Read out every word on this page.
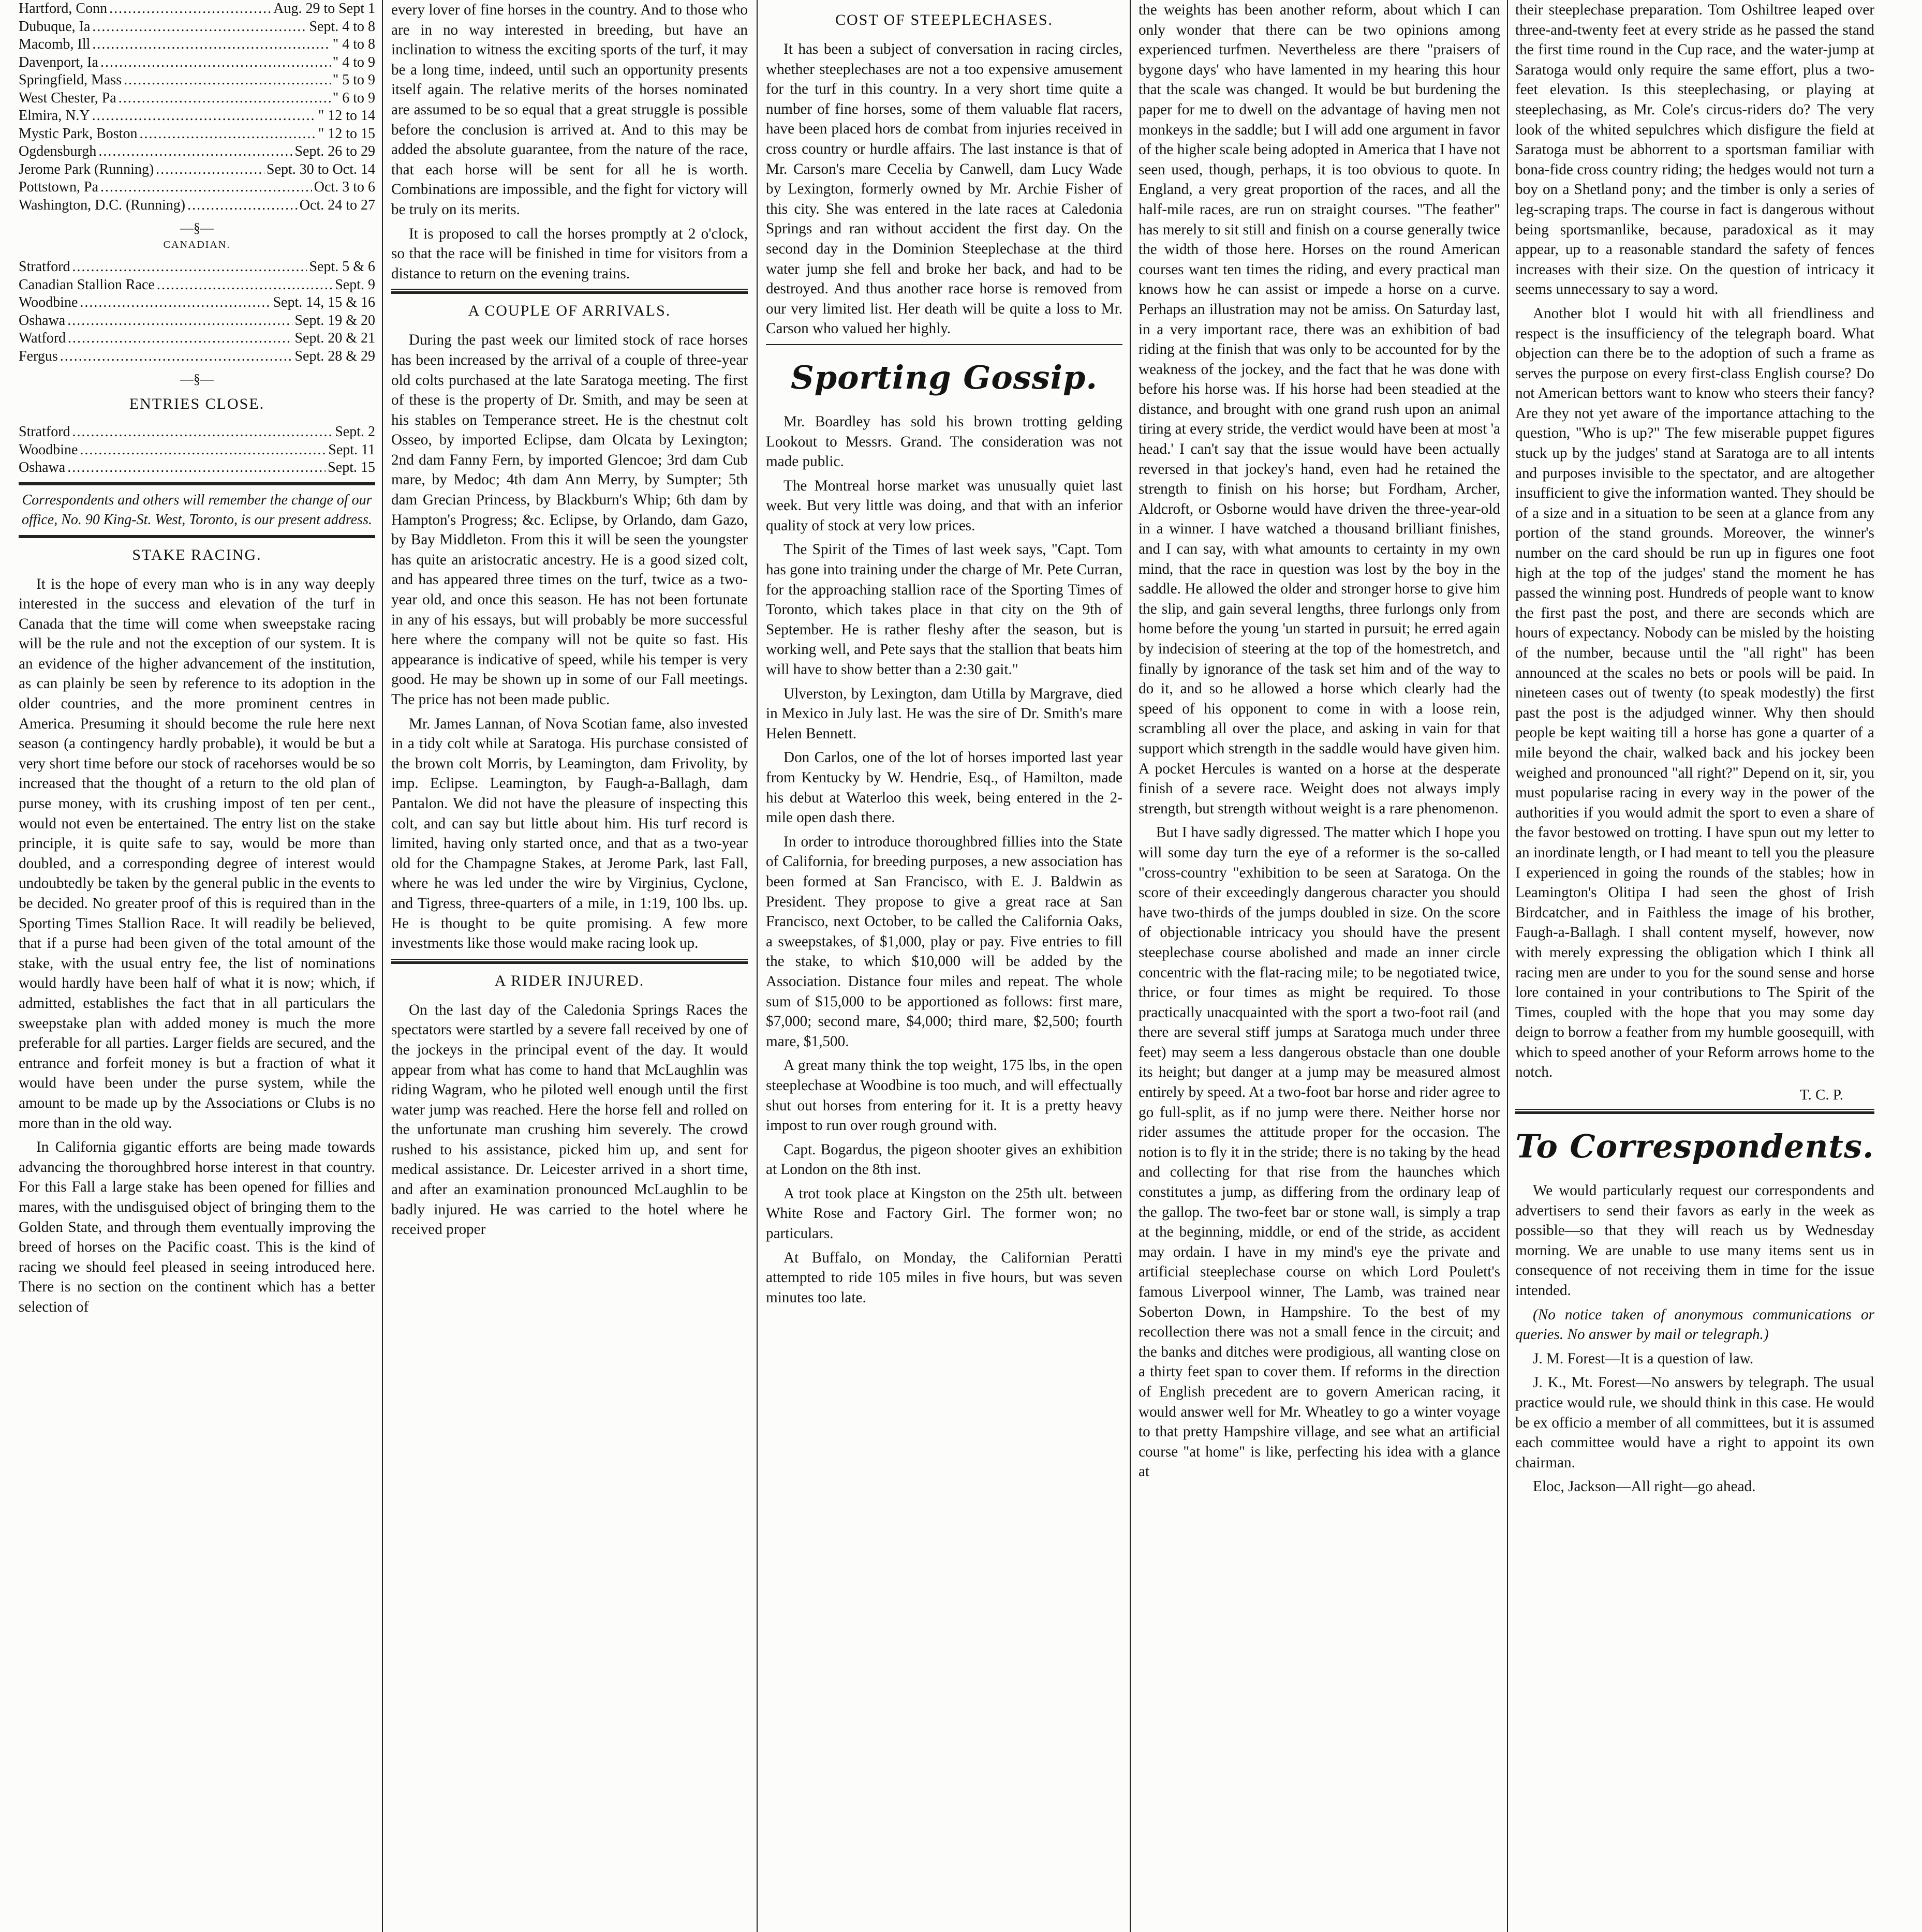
Hartford, Conn .....	Aug. 29 to Sept 1
Dubuque, Ia .....	Sept. 4 to 8
Macomb, Ill .....	" 4 to 8
Davenport, Ia .....	" 4 to 9
Springfield, Mass .....	" 5 to 9
West Chester, Pa .....	" 6 to 9
Elmira, N.Y .....	" 12 to 14
Mystic Park, Boston .....	" 12 to 15
Ogdensburgh .....	Sept. 26 to 29
Jerome Park (Running) .....	Sept. 30 to Oct. 14
Pottstown, Pa .....	Oct. 3 to 6
Washington, D.C. (Running) .....	Oct. 24 to 27
—§—
CANADIAN.
Stratford .....	Sept. 5 & 6
Canadian Stallion Race .....	Sept. 9
Woodbine .....	Sept. 14, 15 & 16
Oshawa .....	Sept. 19 & 20
Watford .....	Sept. 20 & 21
Fergus .....	Sept. 28 & 29
—§—
ENTRIES CLOSE.
Stratford .....	Sept. 2
Woodbine .....	Sept. 11
Oshawa .....	Sept. 15
Correspondents and others will remember the change of our office, No. 90 King-St. West, Toronto, is our present address.
STAKE RACING.

It is the hope of every man who is in any way deeply interested in the success and elevation of the turf in Canada that the time will come when sweepstake racing will be the rule and not the exception of our system. It is an evidence of the higher advancement of the institution, as can plainly be seen by reference to its adoption in the older countries, and the more prominent centres in America. Presuming it should become the rule here next season (a contingency hardly probable), it would be but a very short time before our stock of racehorses would be so increased that the thought of a return to the old plan of purse money, with its crushing impost of ten per cent., would not even be entertained. The entry list on the stake principle, it is quite safe to say, would be more than doubled, and a corresponding degree of interest would undoubtedly be taken by the general public in the events to be decided. No greater proof of this is required than in the Sporting Times Stallion Race. It will readily be believed, that if a purse had been given of the total amount of the stake, with the usual entry fee, the list of nominations would hardly have been half of what it is now; which, if admitted, establishes the fact that in all particulars the sweepstake plan with added money is much the more preferable for all parties. Larger fields are secured, and the entrance and forfeit money is but a fraction of what it would have been under the purse system, while the amount to be made up by the Associations or Clubs is no more than in the old way.

In California gigantic efforts are being made towards advancing the thoroughbred horse interest in that country. For this Fall a large stake has been opened for fillies and mares, with the undisguised object of bringing them to the Golden State, and through them eventually improving the breed of horses on the Pacific coast. This is the kind of racing we should feel pleased in seeing introduced here. There is no section on the continent which has a better selection of

every lover of fine horses in the country. And to those who are in no way interested in breeding, but have an inclination to witness the exciting sports of the turf, it may be a long time, indeed, until such an opportunity presents itself again. The relative merits of the horses nominated are assumed to be so equal that a great struggle is possible before the conclusion is arrived at. And to this may be added the absolute guarantee, from the nature of the race, that each horse will be sent for all he is worth. Combinations are impossible, and the fight for victory will be truly on its merits.

It is proposed to call the horses promptly at 2 o'clock, so that the race will be finished in time for visitors from a distance to return on the evening trains.

A COUPLE OF ARRIVALS.

During the past week our limited stock of race horses has been increased by the arrival of a couple of three-year old colts purchased at the late Saratoga meeting. The first of these is the property of Dr. Smith, and may be seen at his stables on Temperance street. He is the chestnut colt Osseo, by imported Eclipse, dam Olcata by Lexington; 2nd dam Fanny Fern, by imported Glencoe; 3rd dam Cub mare, by Medoc; 4th dam Ann Merry, by Sumpter; 5th dam Grecian Princess, by Blackburn's Whip; 6th dam by Hampton's Progress; &c. Eclipse, by Orlando, dam Gazo, by Bay Middleton. From this it will be seen the youngster has quite an aristocratic ancestry. He is a good sized colt, and has appeared three times on the turf, twice as a two-year old, and once this season. He has not been fortunate in any of his essays, but will probably be more successful here where the company will not be quite so fast. His appearance is indicative of speed, while his temper is very good. He may be shown up in some of our Fall meetings. The price has not been made public.

Mr. James Lannan, of Nova Scotian fame, also invested in a tidy colt while at Saratoga. His purchase consisted of the brown colt Morris, by Leamington, dam Frivolity, by imp. Eclipse. Leamington, by Faugh-a-Ballagh, dam Pantalon. We did not have the pleasure of inspecting this colt, and can say but little about him. His turf record is limited, having only started once, and that as a two-year old for the Champagne Stakes, at Jerome Park, last Fall, where he was led under the wire by Virginius, Cyclone, and Tigress, three-quarters of a mile, in 1:19, 100 lbs. up. He is thought to be quite promising. A few more investments like those would make racing look up.

A RIDER INJURED.

On the last day of the Caledonia Springs Races the spectators were startled by a severe fall received by one of the jockeys in the principal event of the day. It would appear from what has come to hand that McLaughlin was riding Wagram, who he piloted well enough until the first water jump was reached. Here the horse fell and rolled on the unfortunate man crushing him severely. The crowd rushed to his assistance, picked him up, and sent for medical assistance. Dr. Leicester arrived in a short time, and after an examination pronounced McLaughlin to be badly injured. He was carried to the hotel where he received proper

COST OF STEEPLECHASES.

It has been a subject of conversation in racing circles, whether steeplechases are not a too expensive amusement for the turf in this country. In a very short time quite a number of fine horses, some of them valuable flat racers, have been placed hors de combat from injuries received in cross country or hurdle affairs. The last instance is that of Mr. Carson's mare Cecelia by Canwell, dam Lucy Wade by Lexington, formerly owned by Mr. Archie Fisher of this city. She was entered in the late races at Caledonia Springs and ran without accident the first day. On the second day in the Dominion Steeplechase at the third water jump she fell and broke her back, and had to be destroyed. And thus another race horse is removed from our very limited list. Her death will be quite a loss to Mr. Carson who valued her highly.

Sporting Gossip.

Mr. Boardley has sold his brown trotting gelding Lookout to Messrs. Grand. The consideration was not made public.

The Montreal horse market was unusually quiet last week. But very little was doing, and that with an inferior quality of stock at very low prices.

The Spirit of the Times of last week says, "Capt. Tom has gone into training under the charge of Mr. Pete Curran, for the approaching stallion race of the Sporting Times of Toronto, which takes place in that city on the 9th of September. He is rather fleshy after the season, but is working well, and Pete says that the stallion that beats him will have to show better than a 2:30 gait."

Ulverston, by Lexington, dam Utilla by Margrave, died in Mexico in July last. He was the sire of Dr. Smith's mare Helen Bennett.

Don Carlos, one of the lot of horses imported last year from Kentucky by W. Hendrie, Esq., of Hamilton, made his debut at Waterloo this week, being entered in the 2-mile open dash there.

In order to introduce thoroughbred fillies into the State of California, for breeding purposes, a new association has been formed at San Francisco, with E. J. Baldwin as President. They propose to give a great race at San Francisco, next October, to be called the California Oaks, a sweepstakes, of $1,000, play or pay. Five entries to fill the stake, to which $10,000 will be added by the Association. Distance four miles and repeat. The whole sum of $15,000 to be apportioned as follows: first mare, $7,000; second mare, $4,000; third mare, $2,500; fourth mare, $1,500.

A great many think the top weight, 175 lbs, in the open steeplechase at Woodbine is too much, and will effectually shut out horses from entering for it. It is a pretty heavy impost to run over rough ground with.

Capt. Bogardus, the pigeon shooter gives an exhibition at London on the 8th inst.

A trot took place at Kingston on the 25th ult. between White Rose and Factory Girl. The former won; no particulars.

At Buffalo, on Monday, the Californian Peratti attempted to ride 105 miles in five hours, but was seven minutes too late.

the weights has been another reform, about which I can only wonder that there can be two opinions among experienced turfmen. Nevertheless are there "praisers of bygone days' who have lamented in my hearing this hour that the scale was changed. It would be but burdening the paper for me to dwell on the advantage of having men not monkeys in the saddle; but I will add one argument in favor of the higher scale being adopted in America that I have not seen used, though, perhaps, it is too obvious to quote. In England, a very great proportion of the races, and all the half-mile races, are run on straight courses. "The feather" has merely to sit still and finish on a course generally twice the width of those here. Horses on the round American courses want ten times the riding, and every practical man knows how he can assist or impede a horse on a curve. Perhaps an illustration may not be amiss. On Saturday last, in a very important race, there was an exhibition of bad riding at the finish that was only to be accounted for by the weakness of the jockey, and the fact that he was done with before his horse was. If his horse had been steadied at the distance, and brought with one grand rush upon an animal tiring at every stride, the verdict would have been at most 'a head.' I can't say that the issue would have been actually reversed in that jockey's hand, even had he retained the strength to finish on his horse; but Fordham, Archer, Aldcroft, or Osborne would have driven the three-year-old in a winner. I have watched a thousand brilliant finishes, and I can say, with what amounts to certainty in my own mind, that the race in question was lost by the boy in the saddle. He allowed the older and stronger horse to give him the slip, and gain several lengths, three furlongs only from home before the young 'un started in pursuit; he erred again by indecision of steering at the top of the homestretch, and finally by ignorance of the task set him and of the way to do it, and so he allowed a horse which clearly had the speed of his opponent to come in with a loose rein, scrambling all over the place, and asking in vain for that support which strength in the saddle would have given him. A pocket Hercules is wanted on a horse at the desperate finish of a severe race. Weight does not always imply strength, but strength without weight is a rare phenomenon.

But I have sadly digressed. The matter which I hope you will some day turn the eye of a reformer is the so-called "cross-country "exhibition to be seen at Saratoga. On the score of their exceedingly dangerous character you should have two-thirds of the jumps doubled in size. On the score of objectionable intricacy you should have the present steeplechase course abolished and made an inner circle concentric with the flat-racing mile; to be negotiated twice, thrice, or four times as might be required. To those practically unacquainted with the sport a two-foot rail (and there are several stiff jumps at Saratoga much under three feet) may seem a less dangerous obstacle than one double its height; but danger at a jump may be measured almost entirely by speed. At a two-foot bar horse and rider agree to go full-split, as if no jump were there. Neither horse nor rider assumes the attitude proper for the occasion. The notion is to fly it in the stride; there is no taking by the head and collecting for that rise from the haunches which constitutes a jump, as differing from the ordinary leap of the gallop. The two-feet bar or stone wall, is simply a trap at the beginning, middle, or end of the stride, as accident may ordain. I have in my mind's eye the private and artificial steeplechase course on which Lord Poulett's famous Liverpool winner, The Lamb, was trained near Soberton Down, in Hampshire. To the best of my recollection there was not a small fence in the circuit; and the banks and ditches were prodigious, all wanting close on a thirty feet span to cover them. If reforms in the direction of English precedent are to govern American racing, it would answer well for Mr. Wheatley to go a winter voyage to that pretty Hampshire village, and see what an artificial course "at home" is like, perfecting his idea with a glance at

their steeplechase preparation. Tom Oshiltree leaped over three-and-twenty feet at every stride as he passed the stand the first time round in the Cup race, and the water-jump at Saratoga would only require the same effort, plus a two-feet elevation. Is this steeplechasing, or playing at steeplechasing, as Mr. Cole's circus-riders do? The very look of the whited sepulchres which disfigure the field at Saratoga must be abhorrent to a sportsman familiar with bona-fide cross country riding; the hedges would not turn a boy on a Shetland pony; and the timber is only a series of leg-scraping traps. The course in fact is dangerous without being sportsmanlike, because, paradoxical as it may appear, up to a reasonable standard the safety of fences increases with their size. On the question of intricacy it seems unnecessary to say a word.

Another blot I would hit with all friendliness and respect is the insufficiency of the telegraph board. What objection can there be to the adoption of such a frame as serves the purpose on every first-class English course? Do not American bettors want to know who steers their fancy? Are they not yet aware of the importance attaching to the question, "Who is up?" The few miserable puppet figures stuck up by the judges' stand at Saratoga are to all intents and purposes invisible to the spectator, and are altogether insufficient to give the information wanted. They should be of a size and in a situation to be seen at a glance from any portion of the stand grounds. Moreover, the winner's number on the card should be run up in figures one foot high at the top of the judges' stand the moment he has passed the winning post. Hundreds of people want to know the first past the post, and there are seconds which are hours of expectancy. Nobody can be misled by the hoisting of the number, because until the "all right" has been announced at the scales no bets or pools will be paid. In nineteen cases out of twenty (to speak modestly) the first past the post is the adjudged winner. Why then should people be kept waiting till a horse has gone a quarter of a mile beyond the chair, walked back and his jockey been weighed and pronounced "all right?" Depend on it, sir, you must popularise racing in every way in the power of the authorities if you would admit the sport to even a share of the favor bestowed on trotting. I have spun out my letter to an inordinate length, or I had meant to tell you the pleasure I experienced in going the rounds of the stables; how in Leamington's Olitipa I had seen the ghost of Irish Birdcatcher, and in Faithless the image of his brother, Faugh-a-Ballagh. I shall content myself, however, now with merely expressing the obligation which I think all racing men are under to you for the sound sense and horse lore contained in your contributions to The Spirit of the Times, coupled with the hope that you may some day deign to borrow a feather from my humble goosequill, with which to speed another of your Reform arrows home to the notch.

T. C. P.
To Correspondents.

We would particularly request our correspondents and advertisers to send their favors as early in the week as possible—so that they will reach us by Wednesday morning. We are unable to use many items sent us in consequence of not receiving them in time for the issue intended.

(No notice taken of anonymous communications or queries. No answer by mail or telegraph.)

J. M. Forest—It is a question of law.

J. K., Mt. Forest—No answers by telegraph. The usual practice would rule, we should think in this case. He would be ex officio a member of all committees, but it is assumed each committee would have a right to appoint its own chairman.

Eloc, Jackson—All right—go ahead.
